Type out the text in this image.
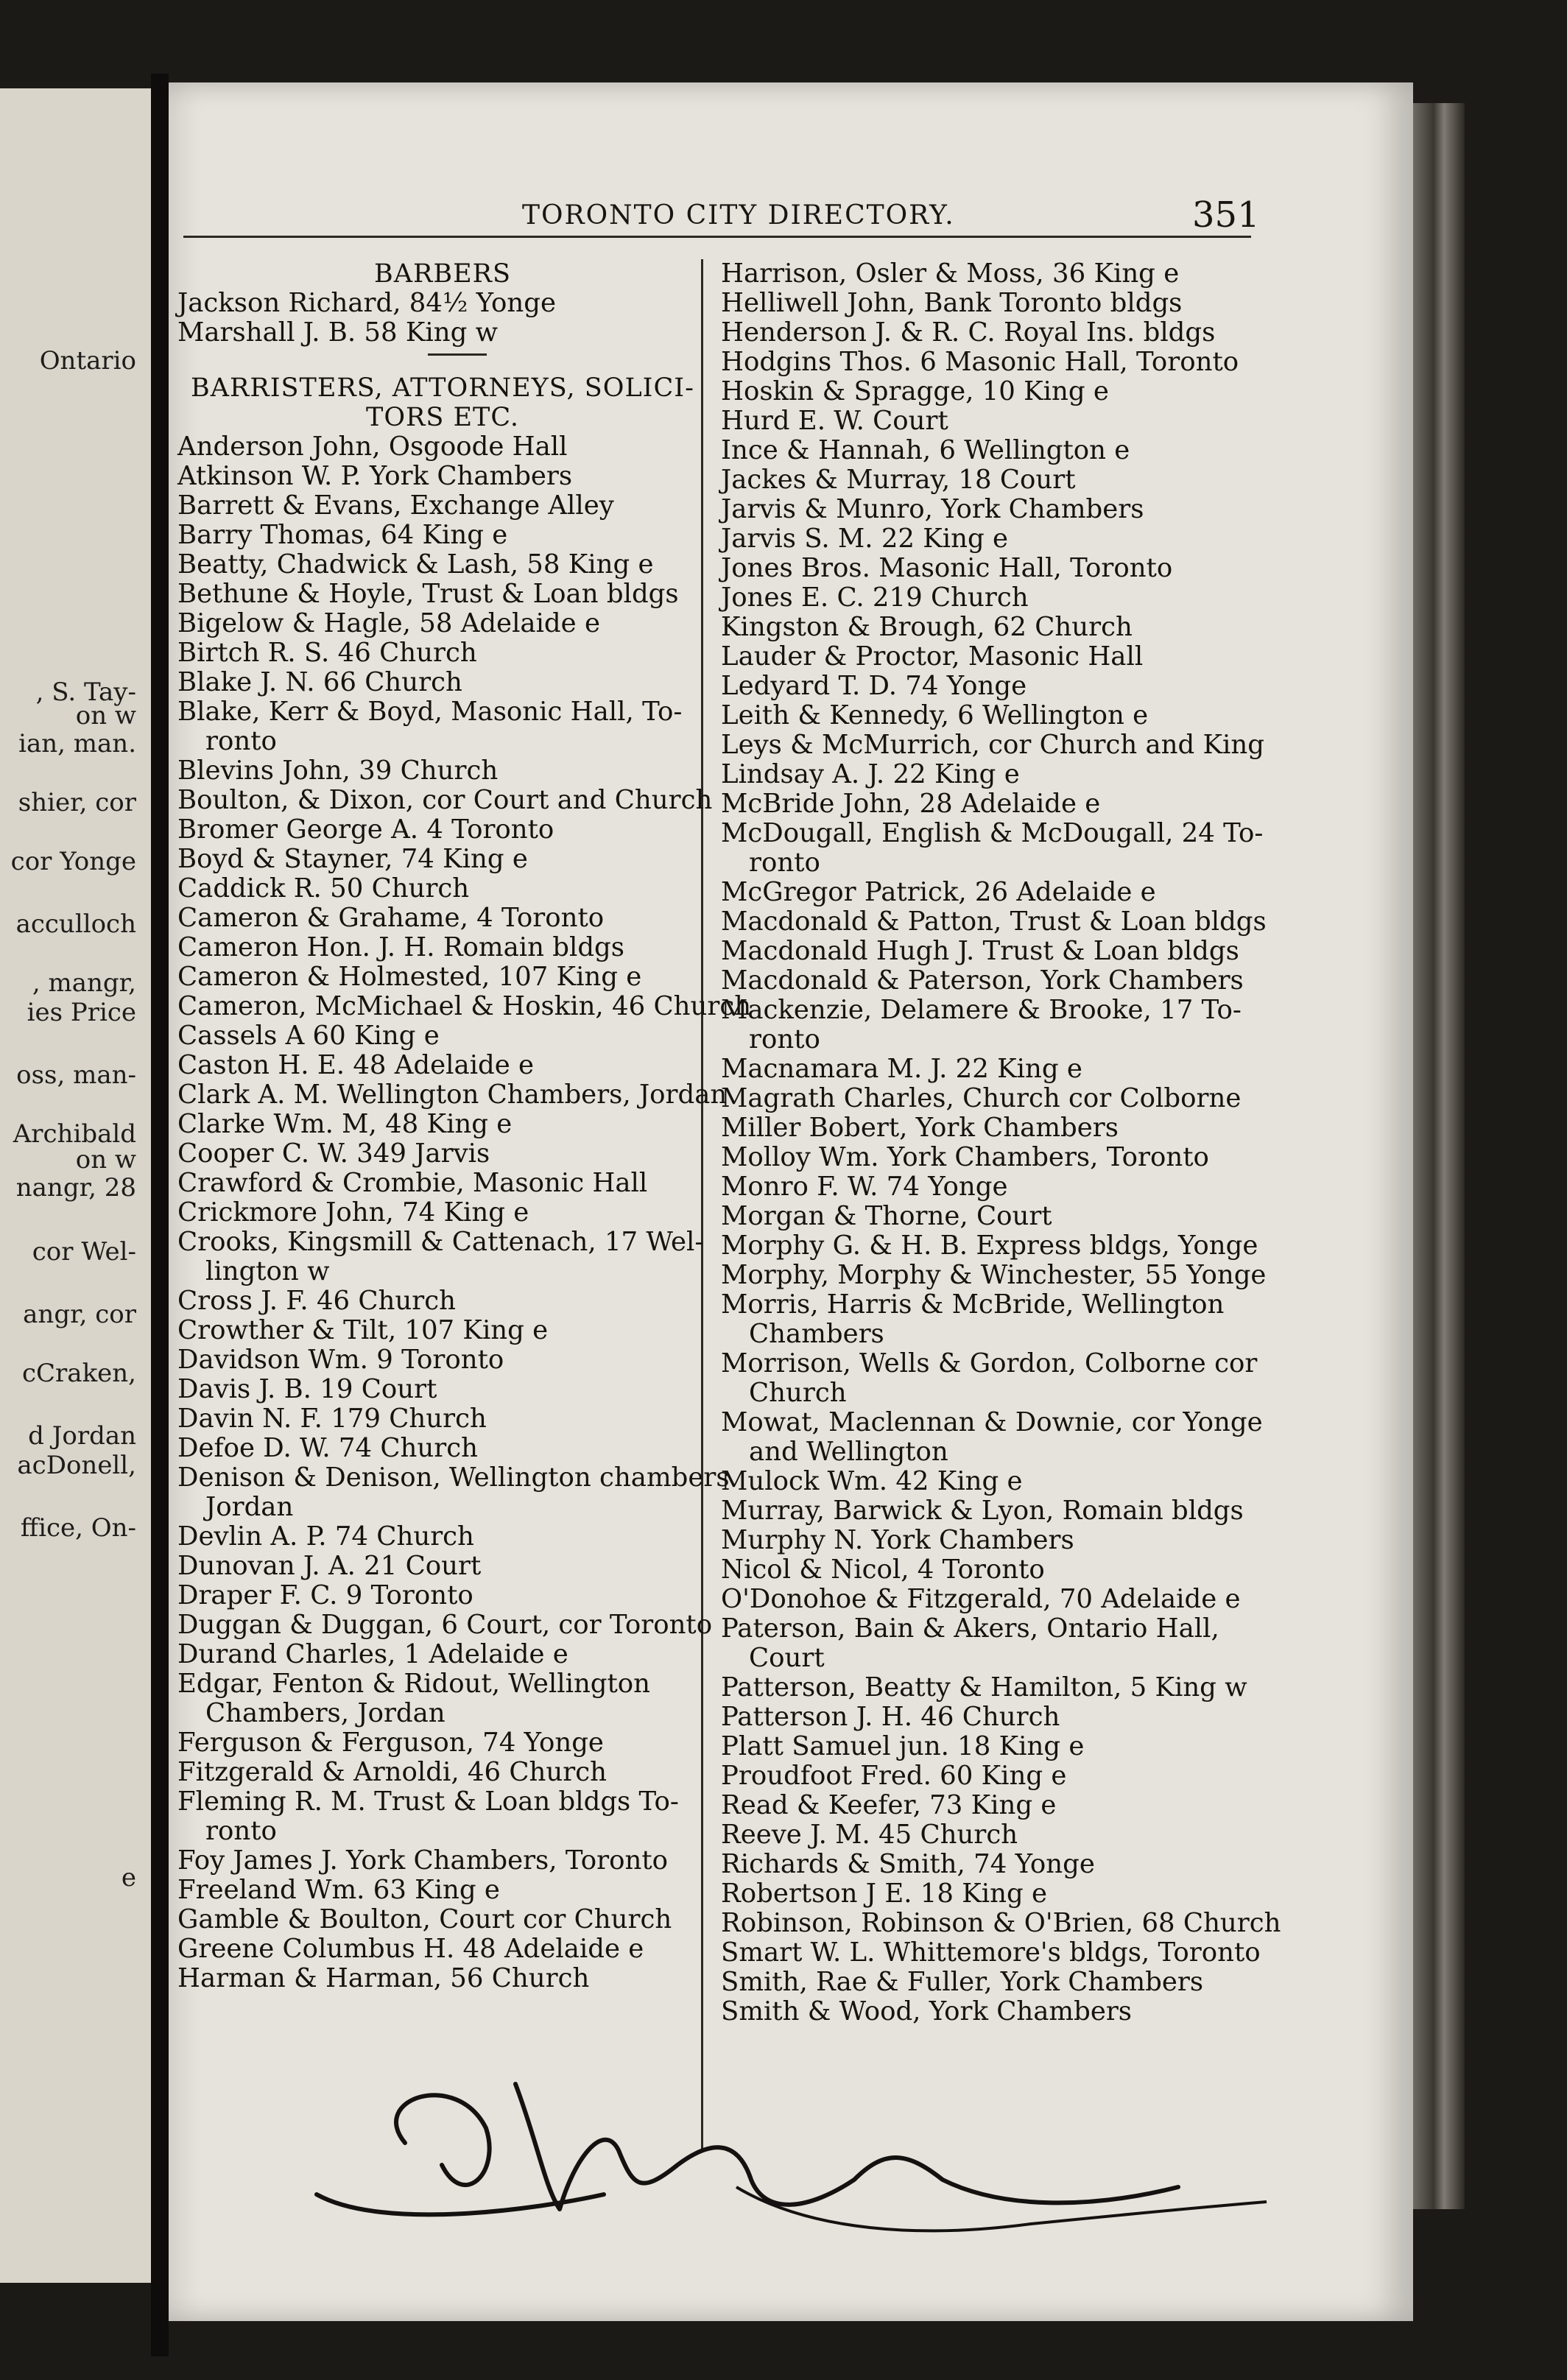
Ontario
, S. Tay-
on w
ian, man.
shier, cor
cor Yonge
acculloch
, mangr,
ies Price
oss, man-
Archibald
on w
nangr, 28
cor Wel-
angr, cor
cCraken,
d Jordan
acDonell,
ffice, On-
e
TORONTO CITY DIRECTORY.	351
BARBERS
Jackson Richard, 84½ Yonge
Marshall J. B. 58 King w
BARRISTERS, ATTORNEYS, SOLICI-
TORS ETC.
Anderson John, Osgoode Hall
Atkinson W. P. York Chambers
Barrett & Evans, Exchange Alley
Barry Thomas, 64 King e
Beatty, Chadwick & Lash, 58 King e
Bethune & Hoyle, Trust & Loan bldgs
Bigelow & Hagle, 58 Adelaide e
Birtch R. S. 46 Church
Blake J. N. 66 Church
Blake, Kerr & Boyd, Masonic Hall, To-
ronto
Blevins John, 39 Church
Boulton, & Dixon, cor Court and Church
Bromer George A. 4 Toronto
Boyd & Stayner, 74 King e
Caddick R. 50 Church
Cameron & Grahame, 4 Toronto
Cameron Hon. J. H. Romain bldgs
Cameron & Holmested, 107 King e
Cameron, McMichael & Hoskin, 46 Church
Cassels A 60 King e
Caston H. E. 48 Adelaide e
Clark A. M. Wellington Chambers, Jordan
Clarke Wm. M, 48 King e
Cooper C. W. 349 Jarvis
Crawford & Crombie, Masonic Hall
Crickmore John, 74 King e
Crooks, Kingsmill & Cattenach, 17 Wel-
lington w
Cross J. F. 46 Church
Crowther & Tilt, 107 King e
Davidson Wm. 9 Toronto
Davis J. B. 19 Court
Davin N. F. 179 Church
Defoe D. W. 74 Church
Denison & Denison, Wellington chambers
Jordan
Devlin A. P. 74 Church
Dunovan J. A. 21 Court
Draper F. C. 9 Toronto
Duggan & Duggan, 6 Court, cor Toronto
Durand Charles, 1 Adelaide e
Edgar, Fenton & Ridout, Wellington
Chambers, Jordan
Ferguson & Ferguson, 74 Yonge
Fitzgerald & Arnoldi, 46 Church
Fleming R. M. Trust & Loan bldgs To-
ronto
Foy James J. York Chambers, Toronto
Freeland Wm. 63 King e
Gamble & Boulton, Court cor Church
Greene Columbus H. 48 Adelaide e
Harman & Harman, 56 Church
Harrison, Osler & Moss, 36 King e
Helliwell John, Bank Toronto bldgs
Henderson J. & R. C. Royal Ins. bldgs
Hodgins Thos. 6 Masonic Hall, Toronto
Hoskin & Spragge, 10 King e
Hurd E. W. Court
Ince & Hannah, 6 Wellington e
Jackes & Murray, 18 Court
Jarvis & Munro, York Chambers
Jarvis S. M. 22 King e
Jones Bros. Masonic Hall, Toronto
Jones E. C. 219 Church
Kingston & Brough, 62 Church
Lauder & Proctor, Masonic Hall
Ledyard T. D. 74 Yonge
Leith & Kennedy, 6 Wellington e
Leys & McMurrich, cor Church and King
Lindsay A. J. 22 King e
McBride John, 28 Adelaide e
McDougall, English & McDougall, 24 To-
ronto
McGregor Patrick, 26 Adelaide e
Macdonald & Patton, Trust & Loan bldgs
Macdonald Hugh J. Trust & Loan bldgs
Macdonald & Paterson, York Chambers
Mackenzie, Delamere & Brooke, 17 To-
ronto
Macnamara M. J. 22 King e
Magrath Charles, Church cor Colborne
Miller Bobert, York Chambers
Molloy Wm. York Chambers, Toronto
Monro F. W. 74 Yonge
Morgan & Thorne, Court
Morphy G. & H. B. Express bldgs, Yonge
Morphy, Morphy & Winchester, 55 Yonge
Morris, Harris & McBride, Wellington
Chambers
Morrison, Wells & Gordon, Colborne cor
Church
Mowat, Maclennan & Downie, cor Yonge
and Wellington
Mulock Wm. 42 King e
Murray, Barwick & Lyon, Romain bldgs
Murphy N. York Chambers
Nicol & Nicol, 4 Toronto
O'Donohoe & Fitzgerald, 70 Adelaide e
Paterson, Bain & Akers, Ontario Hall,
Court
Patterson, Beatty & Hamilton, 5 King w
Patterson J. H. 46 Church
Platt Samuel jun. 18 King e
Proudfoot Fred. 60 King e
Read & Keefer, 73 King e
Reeve J. M. 45 Church
Richards & Smith, 74 Yonge
Robertson J E. 18 King e
Robinson, Robinson & O'Brien, 68 Church
Smart W. L. Whittemore's bldgs, Toronto
Smith, Rae & Fuller, York Chambers
Smith & Wood, York Chambers
